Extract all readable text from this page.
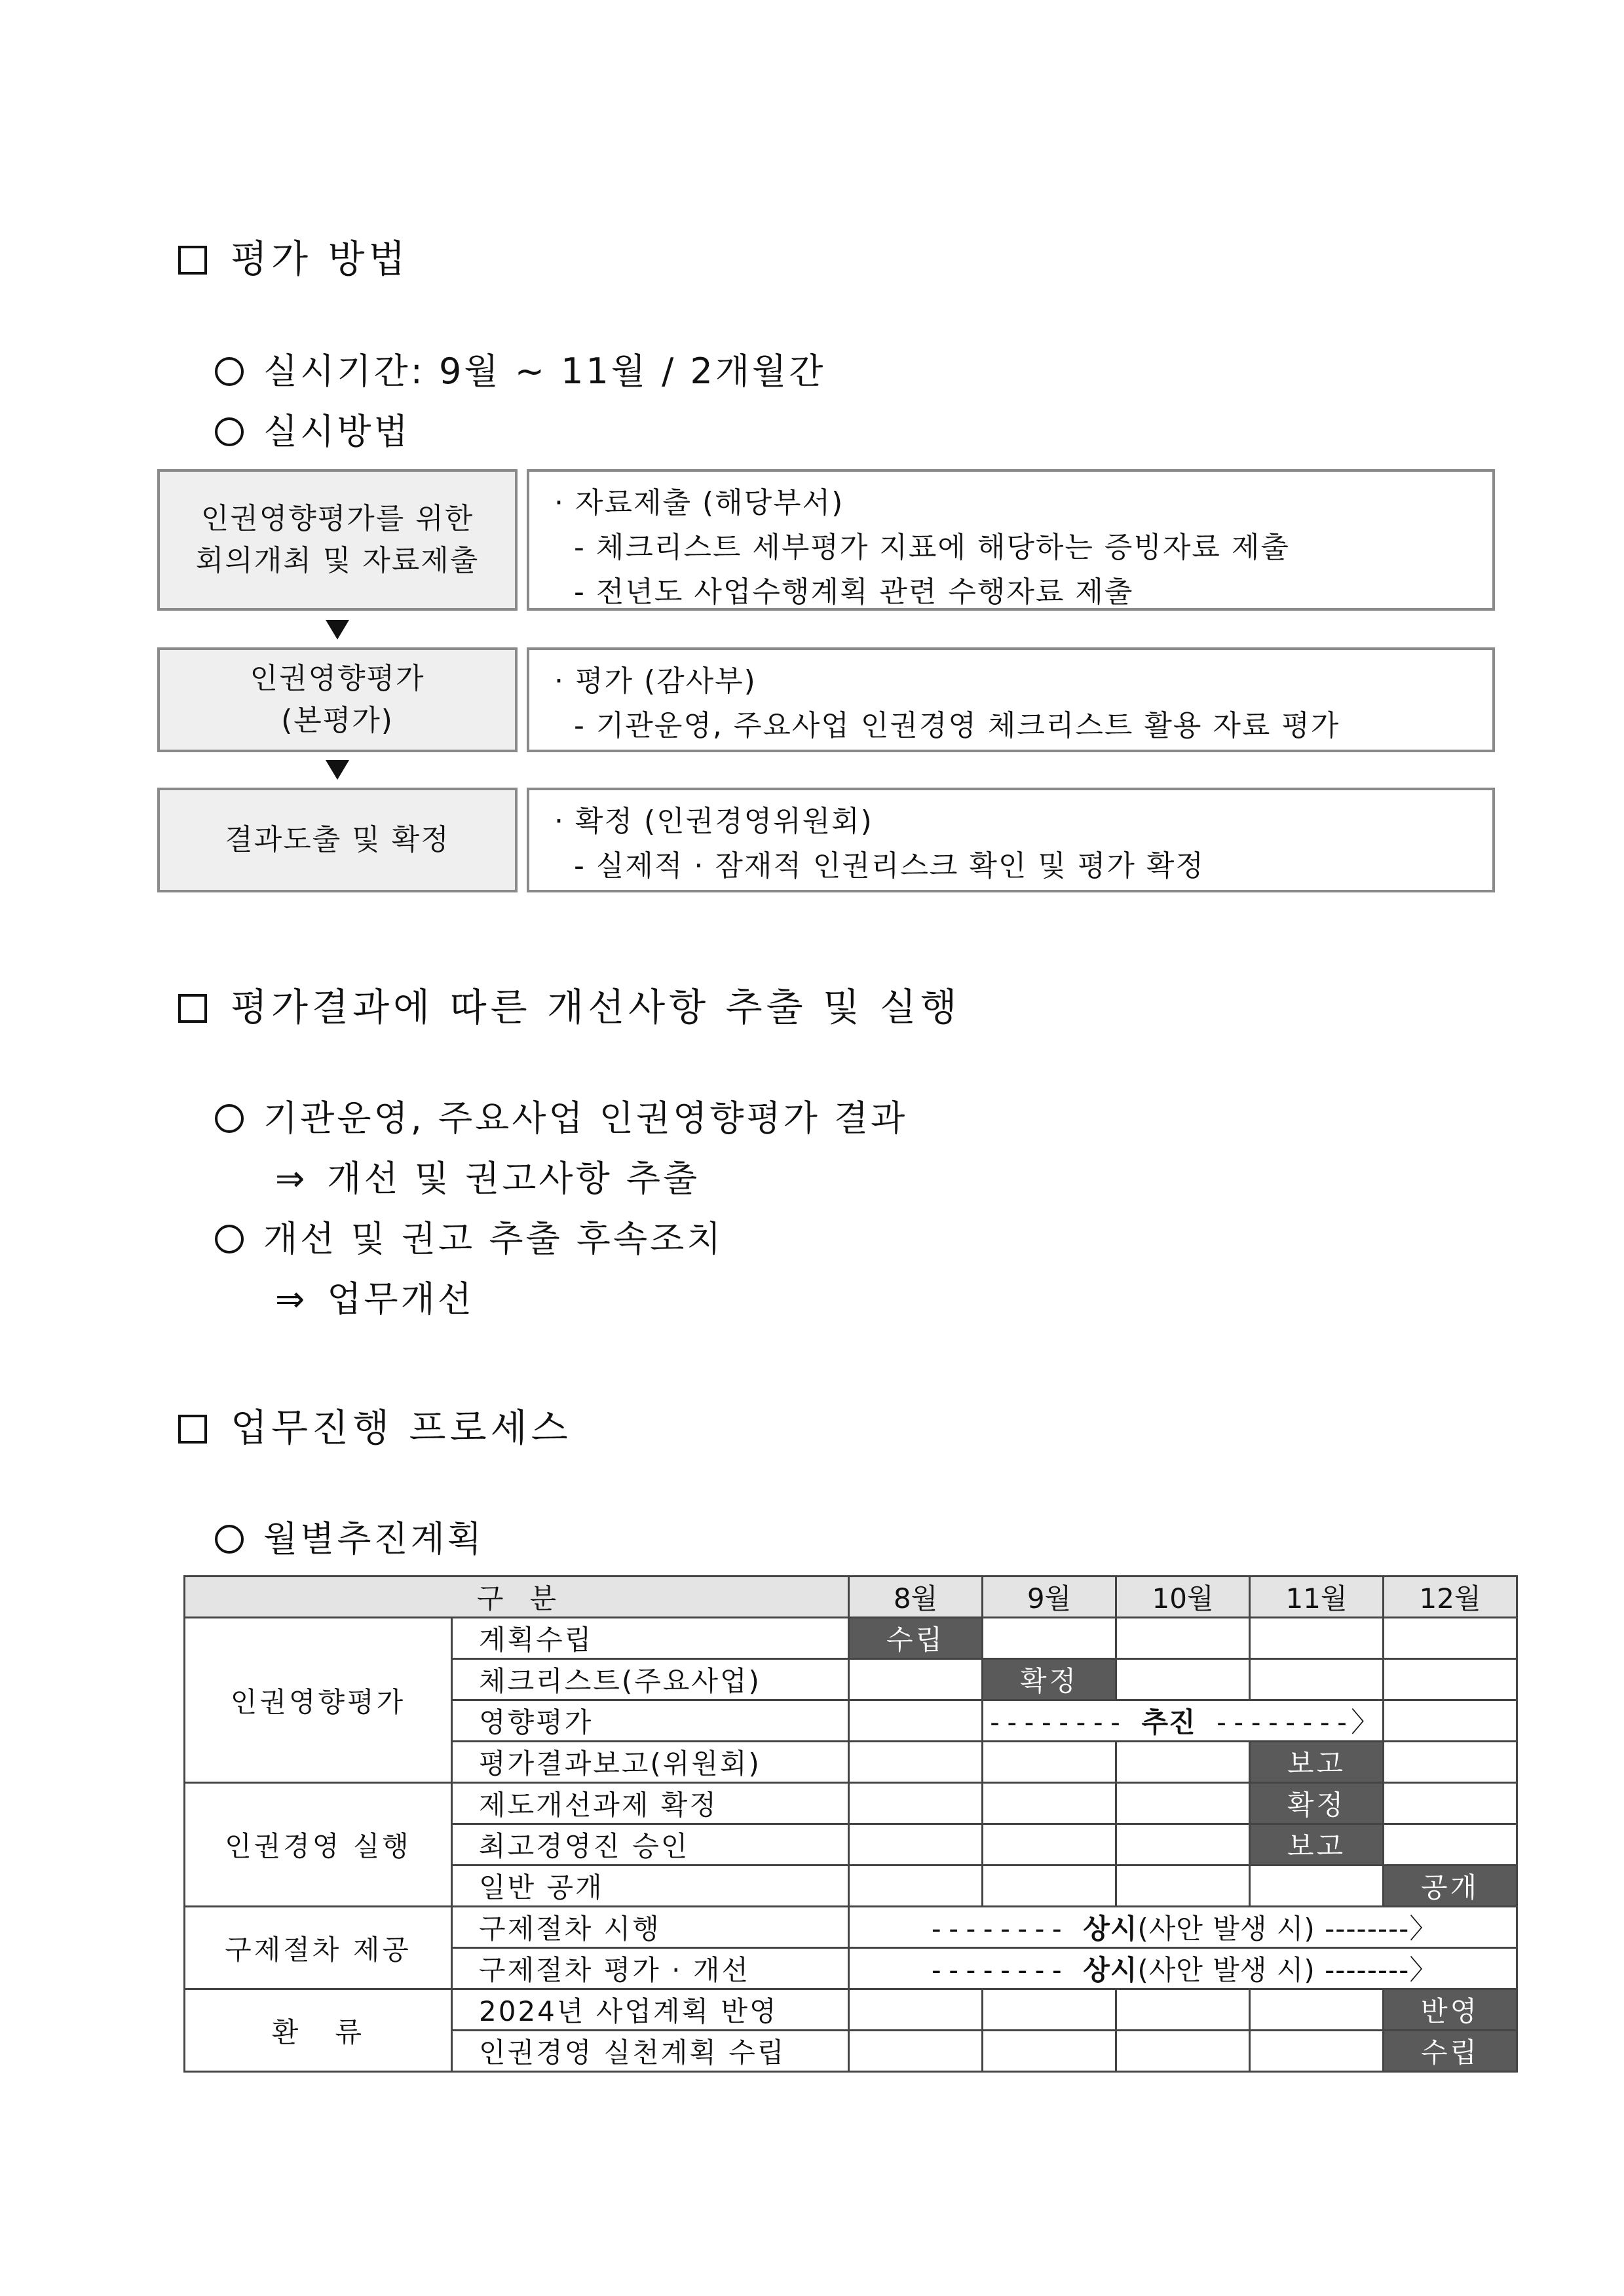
평가 방법
실시기간: 9월 ~ 11월 / 2개월간
실시방법
인권영향평가를 위한
회의개최 및 자료제출
· 자료제출 (해당부서)
- 체크리스트 세부평가 지표에 해당하는 증빙자료 제출
- 전년도 사업수행계획 관련 수행자료 제출
인권영향평가
(본평가)
· 평가 (감사부)
- 기관운영, 주요사업 인권경영 체크리스트 활용 자료 평가
결과도출 및 확정
· 확정 (인권경영위원회)
- 실제적 · 잠재적 인권리스크 확인 및 평가 확정
평가결과에 따른 개선사항 추출 및 실행
기관운영, 주요사업 인권영향평가 결과
⇒ 개선 및 권고사항 추출
개선 및 권고 추출 후속조치
⇒ 업무개선
업무진행 프로세스
월별추진계획
구   분		8월	9월	10월	11월	12월
인권영향평가	계획수립	수립				
	체크리스트(주요사업)		확정			
	영향평가		-------- 추진 --------〉			
	평가결과보고(위원회)				보고	
인권경영 실행	제도개선과제 확정				확정	
	최고경영진 승인				보고	
	일반 공개					공개
구제절차 제공	구제절차 시행	-------- 상시(사안 발생 시) --------〉				
	구제절차 평가 · 개선	-------- 상시(사안 발생 시) --------〉				
환   류	2024년 사업계획 반영					반영
	인권경영 실천계획 수립					수립
